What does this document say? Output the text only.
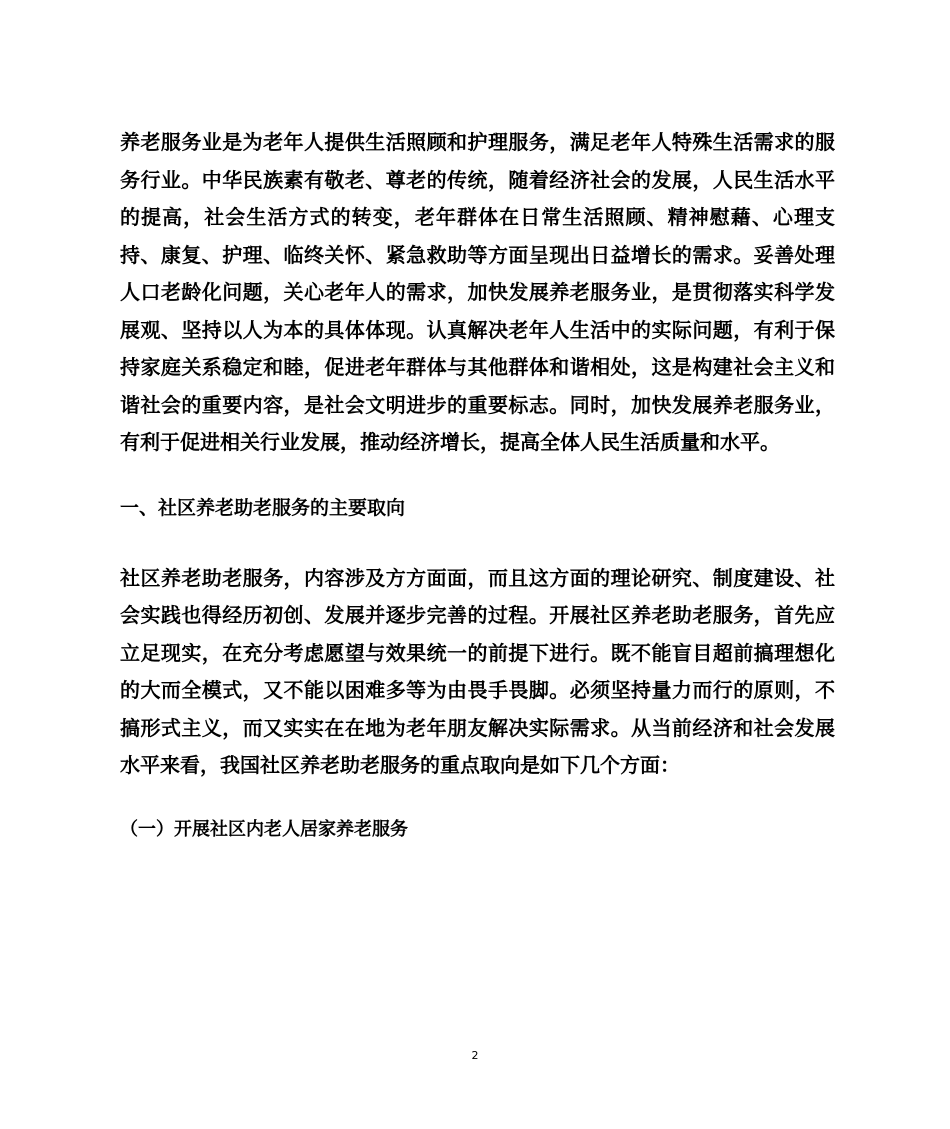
养老服务业是为老年人提供生活照顾和护理服务，满足老年人特殊生活需求的服务行业。中华民族素有敬老、尊老的传统，随着经济社会的发展，人民生活水平的提高，社会生活方式的转变，老年群体在日常生活照顾、精神慰藉、心理支持、康复、护理、临终关怀、紧急救助等方面呈现出日益增长的需求。妥善处理人口老龄化问题，关心老年人的需求，加快发展养老服务业，是贯彻落实科学发展观、坚持以人为本的具体体现。认真解决老年人生活中的实际问题，有利于保持家庭关系稳定和睦，促进老年群体与其他群体和谐相处，这是构建社会主义和谐社会的重要内容，是社会文明进步的重要标志。同时，加快发展养老服务业，有利于促进相关行业发展，推动经济增长，提高全体人民生活质量和水平。

一、社区养老助老服务的主要取向

社区养老助老服务，内容涉及方方面面，而且这方面的理论研究、制度建设、社会实践也得经历初创、发展并逐步完善的过程。开展社区养老助老服务，首先应立足现实，在充分考虑愿望与效果统一的前提下进行。既不能盲目超前搞理想化的大而全模式，又不能以困难多等为由畏手畏脚。必须坚持量力而行的原则，不搞形式主义，而又实实在在地为老年朋友解决实际需求。从当前经济和社会发展水平来看，我国社区养老助老服务的重点取向是如下几个方面：

（一）开展社区内老人居家养老服务

2
